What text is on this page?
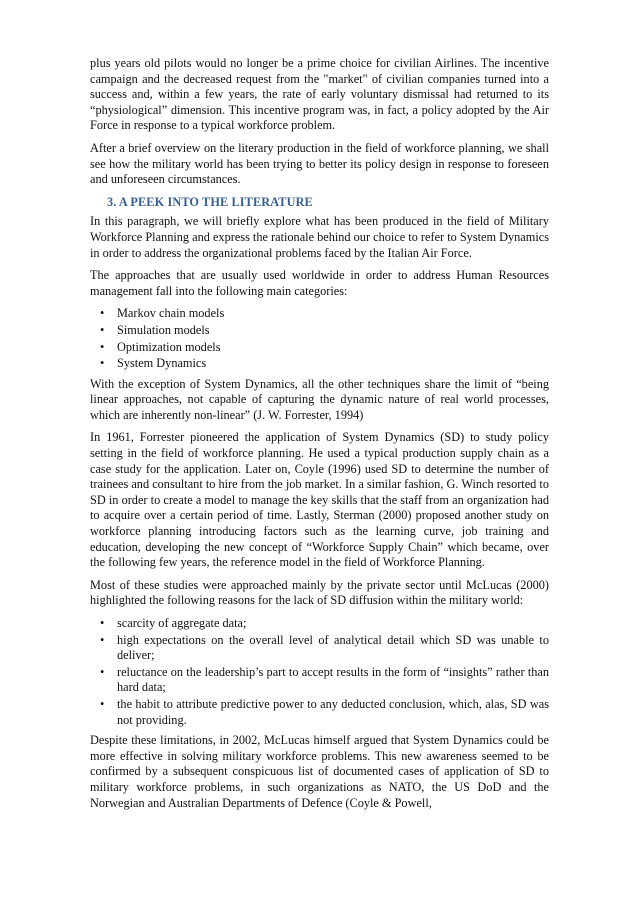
plus years old pilots would no longer be a prime choice for civilian Airlines. The incentive campaign and the decreased request from the "market" of civilian companies turned into a success and, within a few years, the rate of early voluntary dismissal had returned to its “physiological” dimension. This incentive program was, in fact, a policy adopted by the Air Force in response to a typical workforce problem.

After a brief overview on the literary production in the field of workforce planning, we shall see how the military world has been trying to better its policy design in response to foreseen and unforeseen circumstances.

3. A PEEK INTO THE LITERATURE

In this paragraph, we will briefly explore what has been produced in the field of Military Workforce Planning and express the rationale behind our choice to refer to System Dynamics in order to address the organizational problems faced by the Italian Air Force.

The approaches that are usually used worldwide in order to address Human Resources management fall into the following main categories:

• Markov chain models
• Simulation models
• Optimization models
• System Dynamics

With the exception of System Dynamics, all the other techniques share the limit of “being linear approaches, not capable of capturing the dynamic nature of real world processes, which are inherently non-linear” (J. W. Forrester, 1994)

In 1961, Forrester pioneered the application of System Dynamics (SD) to study policy setting in the field of workforce planning. He used a typical production supply chain as a case study for the application. Later on, Coyle (1996) used SD to determine the number of trainees and consultant to hire from the job market. In a similar fashion, G. Winch resorted to SD in order to create a model to manage the key skills that the staff from an organization had to acquire over a certain period of time. Lastly, Sterman (2000) proposed another study on workforce planning introducing factors such as the learning curve, job training and education, developing the new concept of “Workforce Supply Chain” which became, over the following few years, the reference model in the field of Workforce Planning.

Most of these studies were approached mainly by the private sector until McLucas (2000) highlighted the following reasons for the lack of SD diffusion within the military world:

• scarcity of aggregate data;
• high expectations on the overall level of analytical detail which SD was unable to deliver;
• reluctance on the leadership’s part to accept results in the form of “insights” rather than hard data;
• the habit to attribute predictive power to any deducted conclusion, which, alas, SD was not providing.

Despite these limitations, in 2002, McLucas himself argued that System Dynamics could be more effective in solving military workforce problems. This new awareness seemed to be confirmed by a subsequent conspicuous list of documented cases of application of SD to military workforce problems, in such organizations as NATO, the US DoD and the Norwegian and Australian Departments of Defence (Coyle & Powell,
